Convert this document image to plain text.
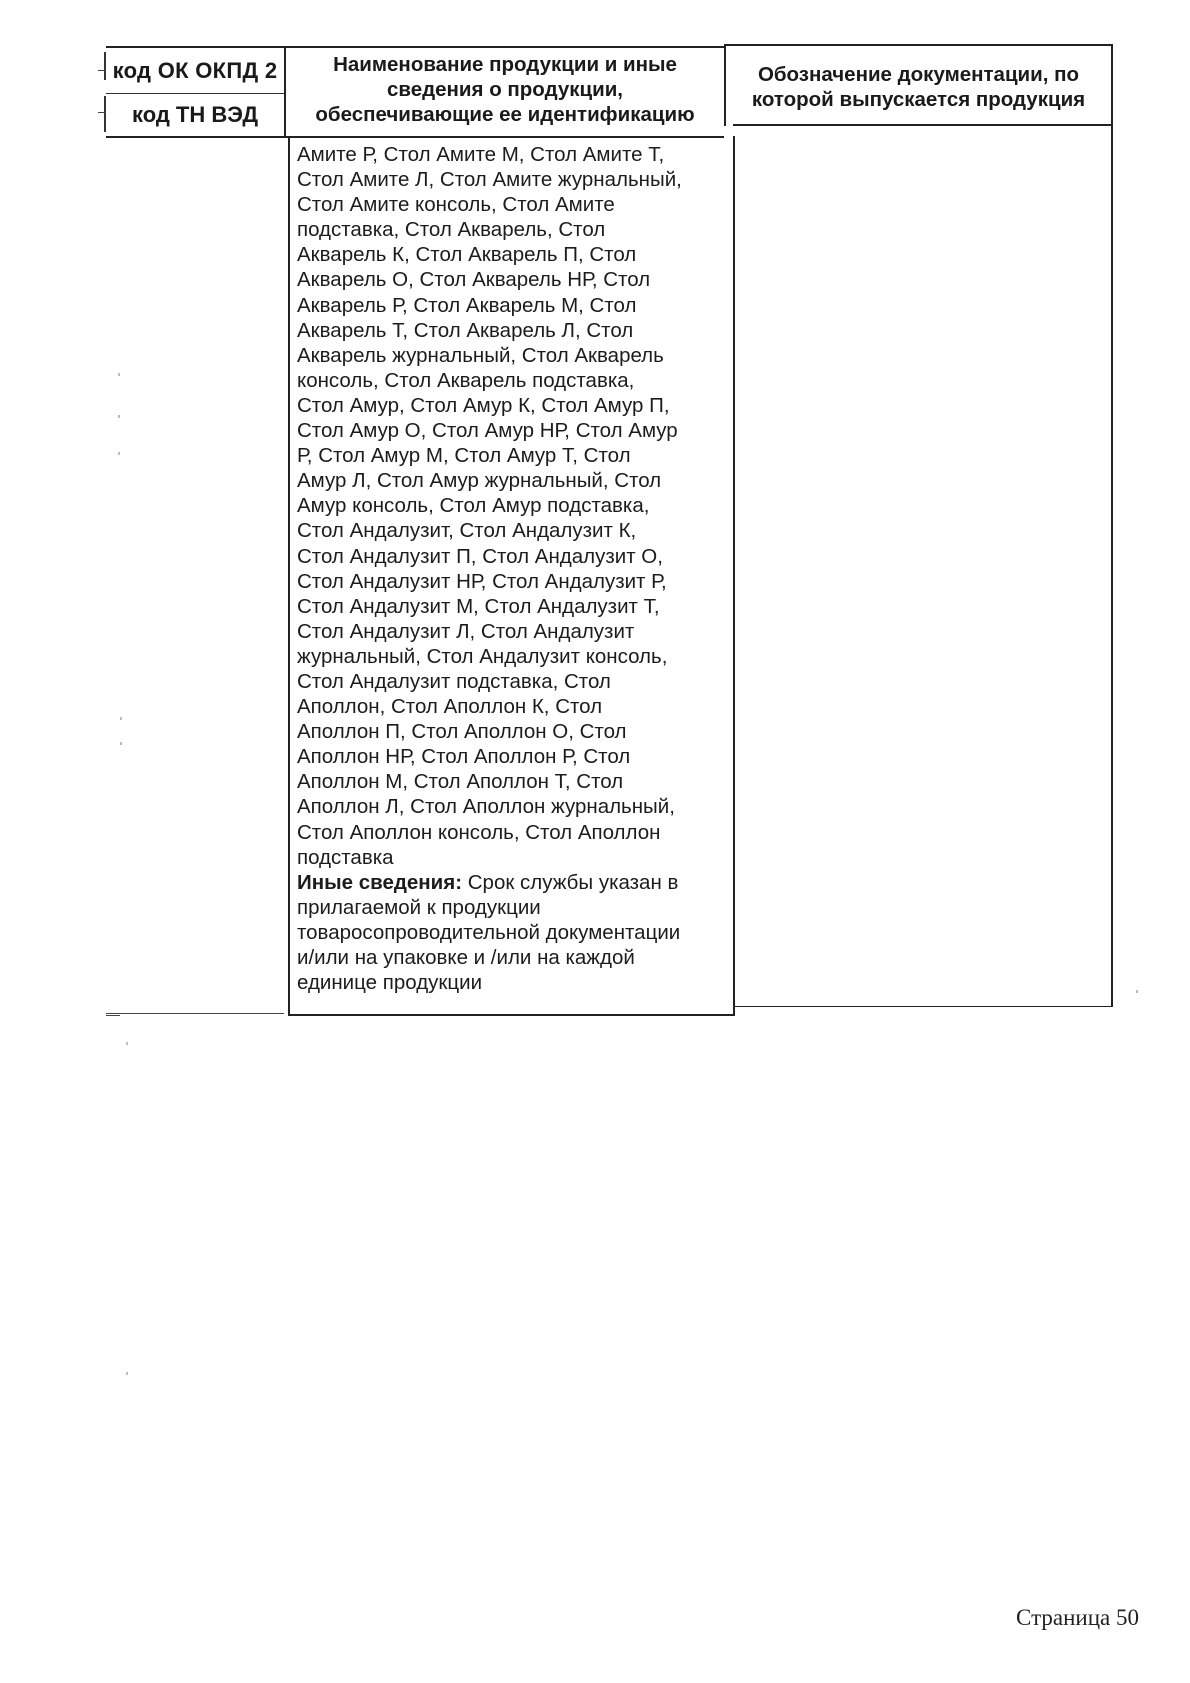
код ОК ОКПД 2
код ТН ВЭД
Наименование продукции и иные
сведения о продукции,
обеспечивающие ее идентификацию
Обозначение документации, по
которой выпускается продукция
Амите Р, Стол Амите М, Стол Амите Т,
Стол Амите Л, Стол Амите журнальный,
Стол Амите консоль, Стол Амите
подставка, Стол Акварель, Стол
Акварель К, Стол Акварель П, Стол
Акварель О, Стол Акварель НР, Стол
Акварель Р, Стол Акварель М, Стол
Акварель Т, Стол Акварель Л, Стол
Акварель журнальный, Стол Акварель
консоль, Стол Акварель подставка,
Стол Амур, Стол Амур К, Стол Амур П,
Стол Амур О, Стол Амур НР, Стол Амур
Р, Стол Амур М, Стол Амур Т, Стол
Амур Л, Стол Амур журнальный, Стол
Амур консоль, Стол Амур подставка,
Стол Андалузит, Стол Андалузит К,
Стол Андалузит П, Стол Андалузит О,
Стол Андалузит НР, Стол Андалузит Р,
Стол Андалузит М, Стол Андалузит Т,
Стол Андалузит Л, Стол Андалузит
журнальный, Стол Андалузит консоль,
Стол Андалузит подставка, Стол
Аполлон, Стол Аполлон К, Стол
Аполлон П, Стол Аполлон О, Стол
Аполлон НР, Стол Аполлон Р, Стол
Аполлон М, Стол Аполлон Т, Стол
Аполлон Л, Стол Аполлон журнальный,
Стол Аполлон консоль, Стол Аполлон
подставка
Иные сведения: Срок службы указан в
прилагаемой к продукции
товаросопроводительной документации
и/или на упаковке и /или на каждой
единице продукции
Страница 50
